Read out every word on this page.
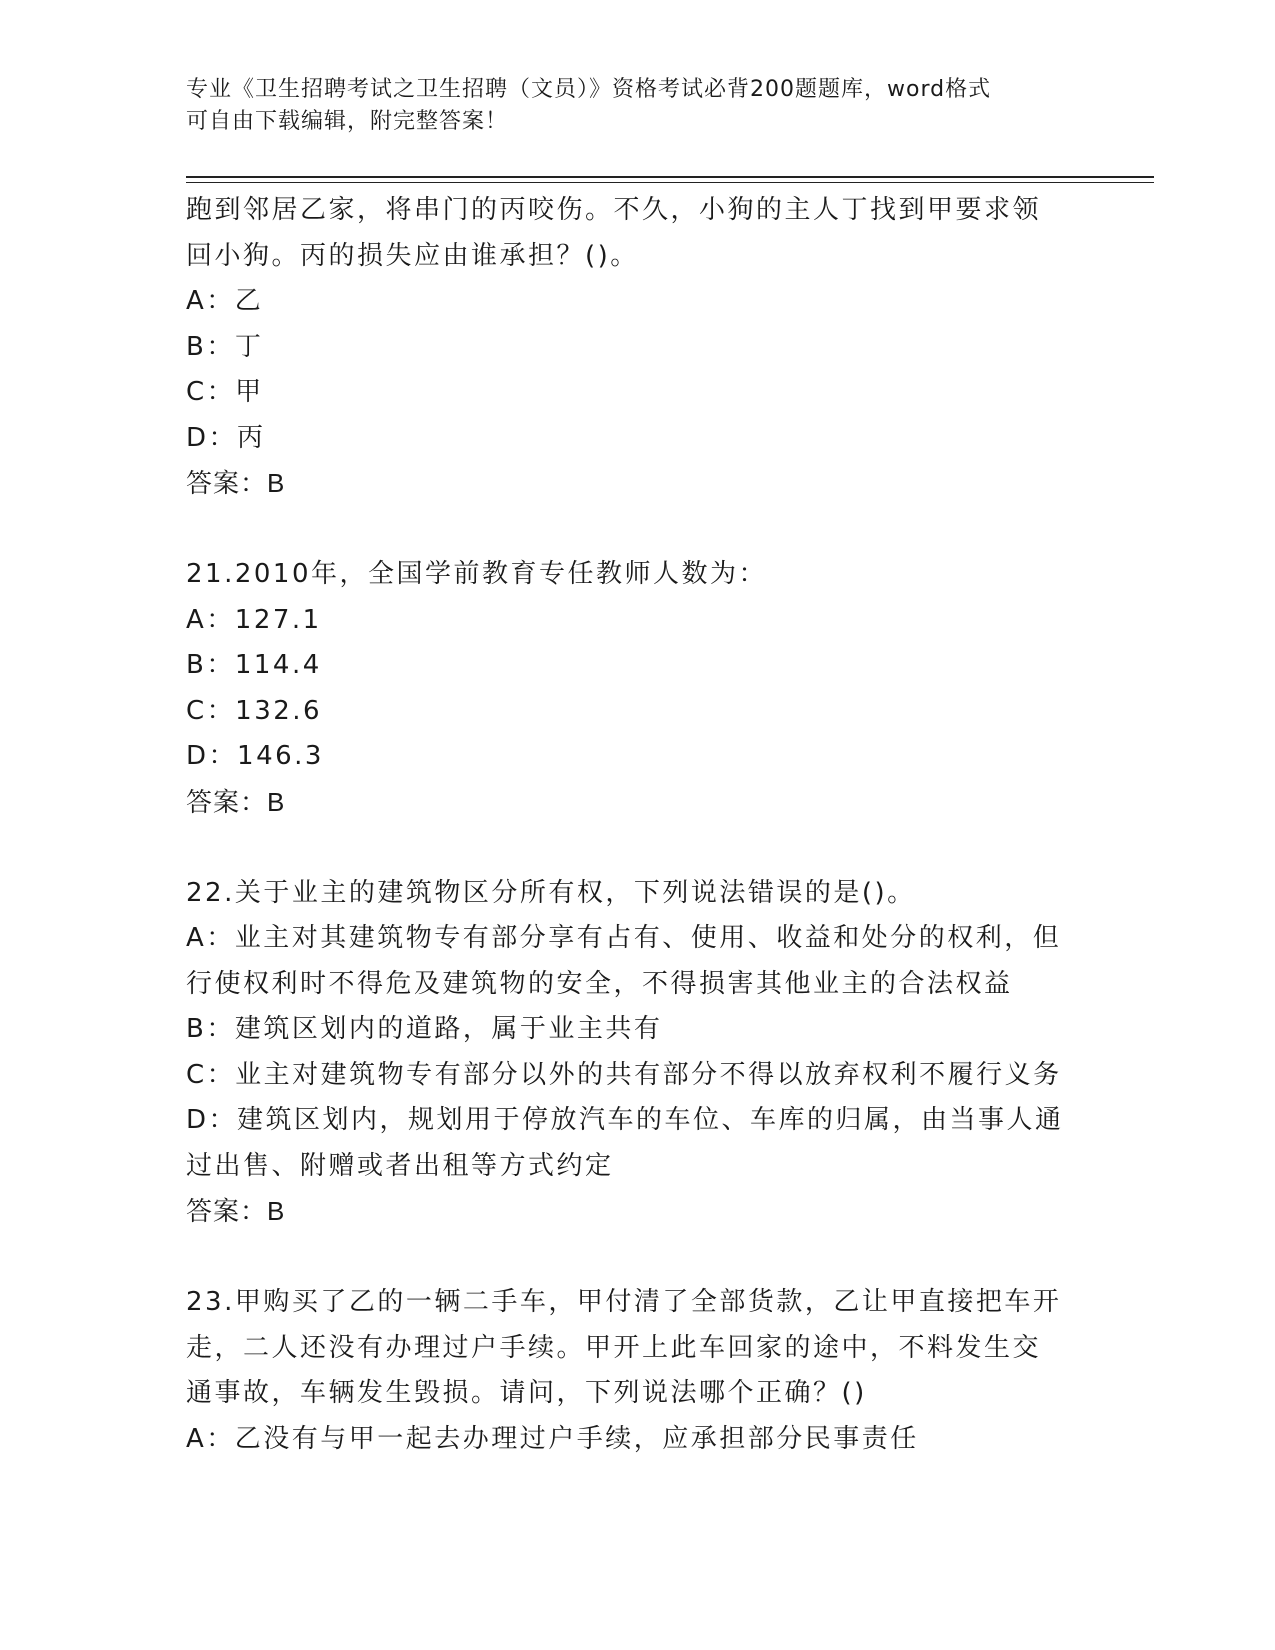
专业《卫生招聘考试之卫生招聘（文员）》资格考试必背200题题库，word格式
可自由下载编辑，附完整答案！
跑到邻居乙家，将串门的丙咬伤。不久，小狗的主人丁找到甲要求领
回小狗。丙的损失应由谁承担？()。
A：乙
B：丁
C：甲
D：丙
答案：B
21.2010年，全国学前教育专任教师人数为：
A：127.1
B：114.4
C：132.6
D：146.3
答案：B
22.关于业主的建筑物区分所有权，下列说法错误的是()。
A：业主对其建筑物专有部分享有占有、使用、收益和处分的权利，但
行使权利时不得危及建筑物的安全，不得损害其他业主的合法权益
B：建筑区划内的道路，属于业主共有
C：业主对建筑物专有部分以外的共有部分不得以放弃权利不履行义务
D：建筑区划内，规划用于停放汽车的车位、车库的归属，由当事人通
过出售、附赠或者出租等方式约定
答案：B
23.甲购买了乙的一辆二手车，甲付清了全部货款，乙让甲直接把车开
走，二人还没有办理过户手续。甲开上此车回家的途中，不料发生交
通事故，车辆发生毁损。请问，下列说法哪个正确？()
A：乙没有与甲一起去办理过户手续，应承担部分民事责任
